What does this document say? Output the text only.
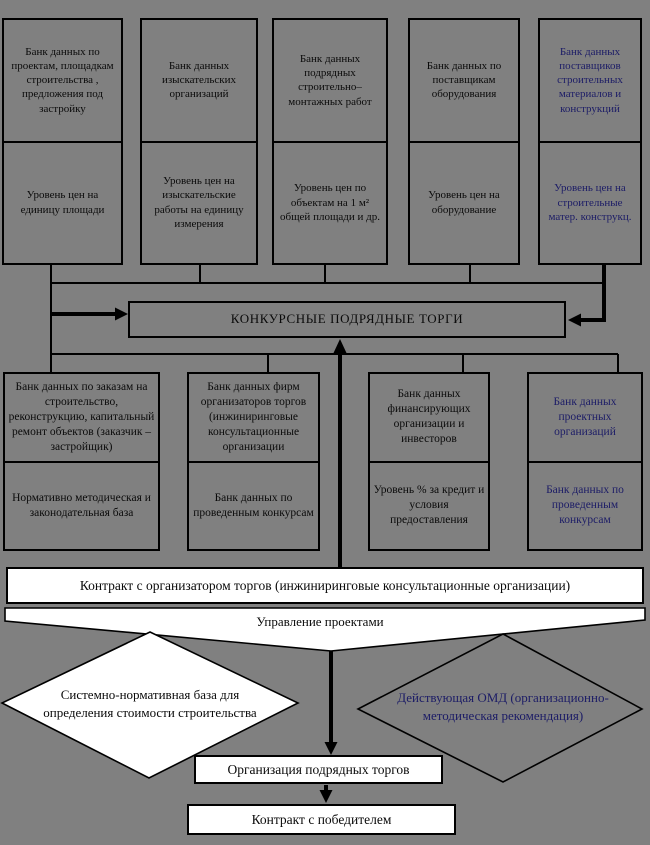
Банк данных по проектам, площадкам строительства , предложения под застройку
Уровень цен на единицу площади
Банк данных изыскательских организаций
Уровень цен на изыскательские работы на единицу измерения
Банк данных подрядных строительно–монтажных работ
Уровень цен по объектам на 1 м² общей площади и др.
Банк данных по поставщикам оборудования
Уровень цен на оборудование
Банк данных поставщиков строительных материалов и конструкций
Уровень цен на строительные матер. конструкц.
КОНКУРСНЫЕ ПОДРЯДНЫЕ ТОРГИ
Банк данных по заказам на строительство, реконструкцию, капитальный ремонт объектов (заказчик – застройщик)
Нормативно методическая и законодательная база
Банк данных фирм организаторов торгов (инжиниринговые консультационные организации
Банк данных по проведенным конкурсам
Банк данных финансирующих организации и инвесторов
Уровень % за кредит и условия предоставления
Банк данных проектных организаций
Банк данных по проведенным конкурсам
Контракт с организатором торгов (инжиниринговые консультационные организации)
Управление проектами
Системно-нормативная база для определения стоимости строительства
Действующая ОМД (организационно-методическая рекомендация)
Организация подрядных торгов
Контракт с победителем
